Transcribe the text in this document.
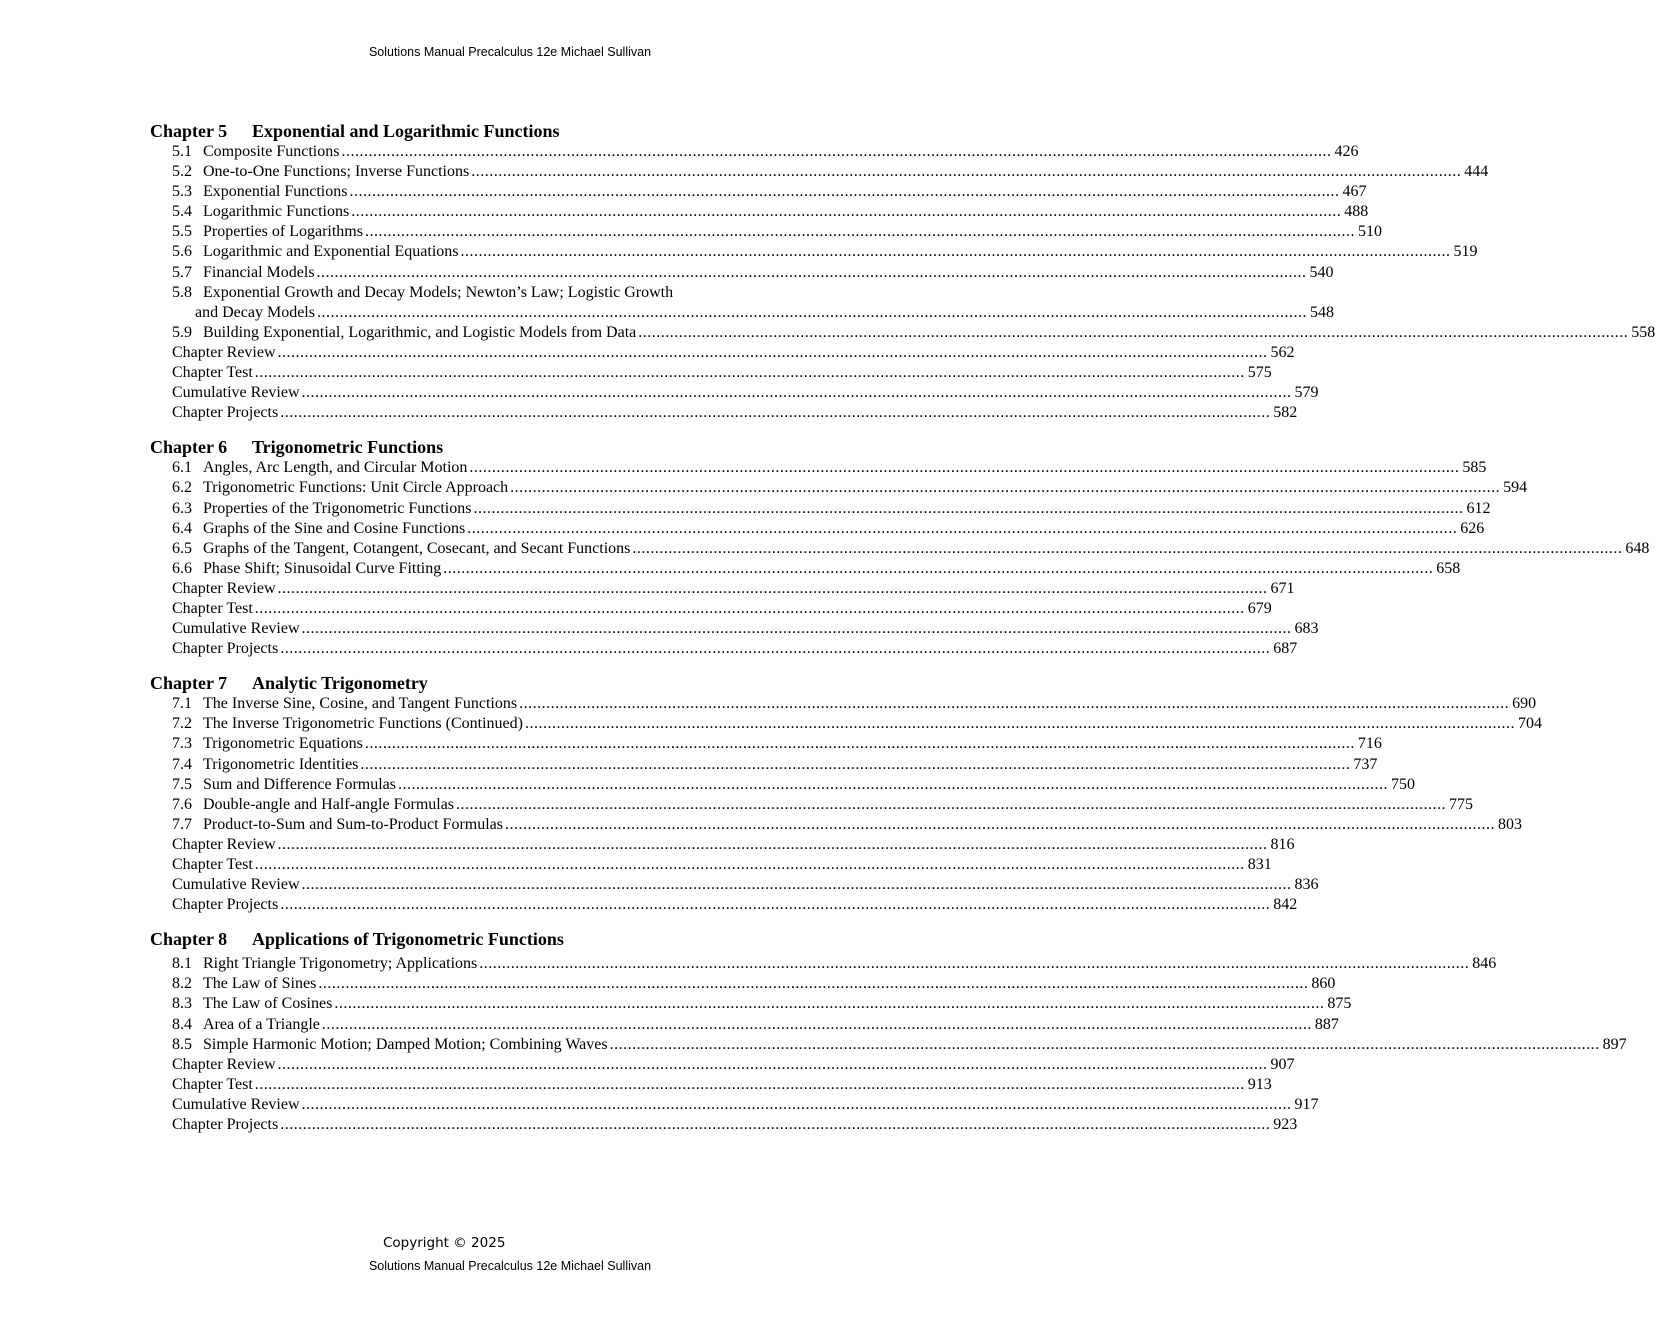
Solutions Manual Precalculus 12e Michael Sullivan
Chapter 5 Exponential and Logarithmic Functions
5.1 Composite Functions ............................................................................................................................................................................................................................ 426
5.2 One-to-One Functions; Inverse Functions ............................................................................................................................................................................................................................ 444
5.3 Exponential Functions ............................................................................................................................................................................................................................ 467
5.4 Logarithmic Functions ............................................................................................................................................................................................................................ 488
5.5 Properties of Logarithms ............................................................................................................................................................................................................................ 510
5.6 Logarithmic and Exponential Equations ............................................................................................................................................................................................................................ 519
5.7 Financial Models ............................................................................................................................................................................................................................ 540
5.8 Exponential Growth and Decay Models; Newton’s Law; Logistic Growth
and Decay Models ............................................................................................................................................................................................................................ 548
5.9 Building Exponential, Logarithmic, and Logistic Models from Data ............................................................................................................................................................................................................................ 558
Chapter Review ............................................................................................................................................................................................................................ 562
Chapter Test ............................................................................................................................................................................................................................ 575
Cumulative Review ............................................................................................................................................................................................................................ 579
Chapter Projects ............................................................................................................................................................................................................................ 582
Chapter 6 Trigonometric Functions
6.1 Angles, Arc Length, and Circular Motion ............................................................................................................................................................................................................................ 585
6.2 Trigonometric Functions: Unit Circle Approach ............................................................................................................................................................................................................................ 594
6.3 Properties of the Trigonometric Functions ............................................................................................................................................................................................................................ 612
6.4 Graphs of the Sine and Cosine Functions ............................................................................................................................................................................................................................ 626
6.5 Graphs of the Tangent, Cotangent, Cosecant, and Secant Functions ............................................................................................................................................................................................................................ 648
6.6 Phase Shift; Sinusoidal Curve Fitting ............................................................................................................................................................................................................................ 658
Chapter Review ............................................................................................................................................................................................................................ 671
Chapter Test ............................................................................................................................................................................................................................ 679
Cumulative Review ............................................................................................................................................................................................................................ 683
Chapter Projects ............................................................................................................................................................................................................................ 687
Chapter 7 Analytic Trigonometry
7.1 The Inverse Sine, Cosine, and Tangent Functions ............................................................................................................................................................................................................................ 690
7.2 The Inverse Trigonometric Functions (Continued) ............................................................................................................................................................................................................................ 704
7.3 Trigonometric Equations ............................................................................................................................................................................................................................ 716
7.4 Trigonometric Identities ............................................................................................................................................................................................................................ 737
7.5 Sum and Difference Formulas ............................................................................................................................................................................................................................ 750
7.6 Double-angle and Half-angle Formulas ............................................................................................................................................................................................................................ 775
7.7 Product-to-Sum and Sum-to-Product Formulas ............................................................................................................................................................................................................................ 803
Chapter Review ............................................................................................................................................................................................................................ 816
Chapter Test ............................................................................................................................................................................................................................ 831
Cumulative Review ............................................................................................................................................................................................................................ 836
Chapter Projects ............................................................................................................................................................................................................................ 842
Chapter 8 Applications of Trigonometric Functions
8.1 Right Triangle Trigonometry; Applications ............................................................................................................................................................................................................................ 846
8.2 The Law of Sines ............................................................................................................................................................................................................................ 860
8.3 The Law of Cosines ............................................................................................................................................................................................................................ 875
8.4 Area of a Triangle ............................................................................................................................................................................................................................ 887
8.5 Simple Harmonic Motion; Damped Motion; Combining Waves ............................................................................................................................................................................................................................ 897
Chapter Review ............................................................................................................................................................................................................................ 907
Chapter Test ............................................................................................................................................................................................................................ 913
Cumulative Review ............................................................................................................................................................................................................................ 917
Chapter Projects ............................................................................................................................................................................................................................ 923
Copyright © 2025
Solutions Manual Precalculus 12e Michael Sullivan
